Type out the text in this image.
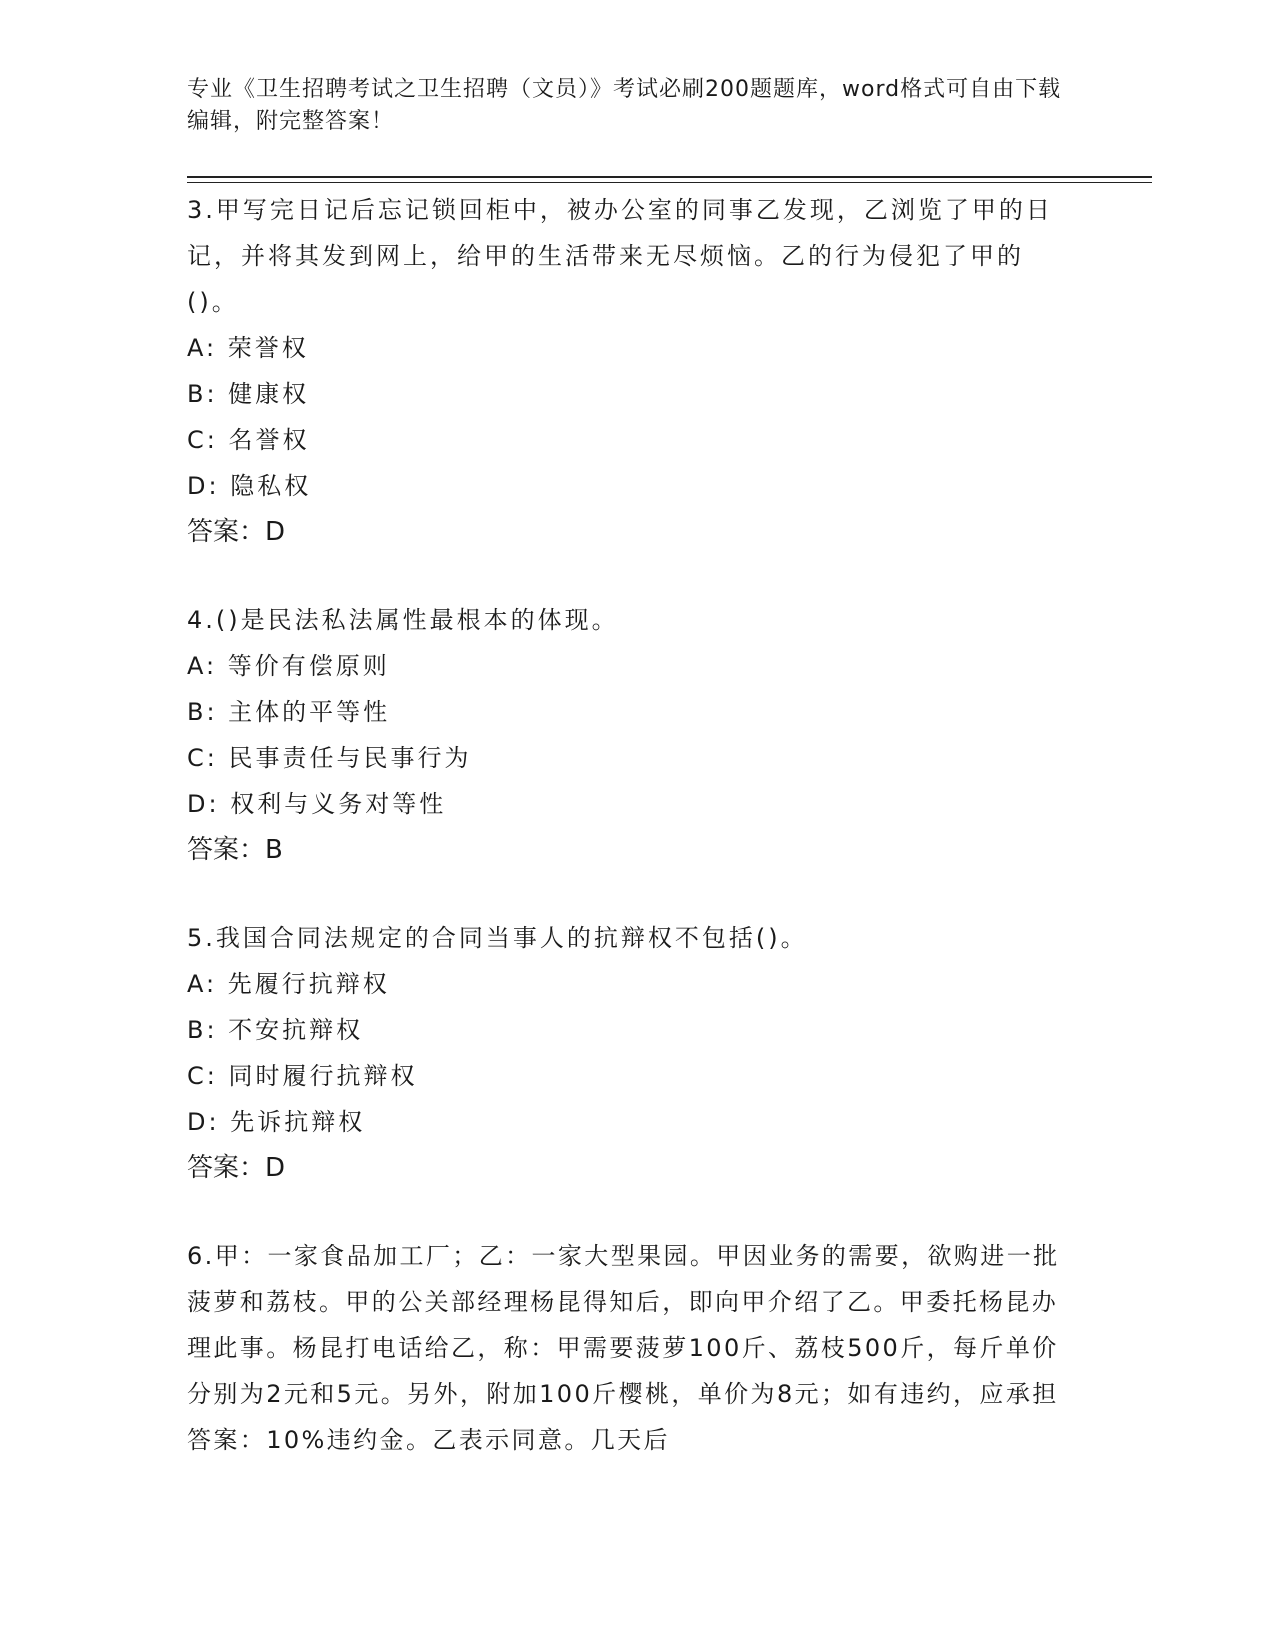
专业《卫生招聘考试之卫生招聘（文员）》考试必刷200题题库，word格式可自由下载编辑，附完整答案！

3.甲写完日记后忘记锁回柜中，被办公室的同事乙发现，乙浏览了甲的日记，并将其发到网上，给甲的生活带来无尽烦恼。乙的行为侵犯了甲的()。

A: 荣誉权

B: 健康权

C: 名誉权

D: 隐私权

答案：D

4.()是民法私法属性最根本的体现。

A: 等价有偿原则

B: 主体的平等性

C: 民事责任与民事行为

D: 权利与义务对等性

答案：B

5.我国合同法规定的合同当事人的抗辩权不包括()。

A: 先履行抗辩权

B: 不安抗辩权

C: 同时履行抗辩权

D: 先诉抗辩权

答案：D

6.甲：一家食品加工厂；乙：一家大型果园。甲因业务的需要，欲购进一批菠萝和荔枝。甲的公关部经理杨昆得知后，即向甲介绍了乙。甲委托杨昆办理此事。杨昆打电话给乙，称：甲需要菠萝100斤、荔枝500斤，每斤单价分别为2元和5元。另外，附加100斤樱桃，单价为8元；如有违约，应承担答案：10%违约金。乙表示同意。几天后
